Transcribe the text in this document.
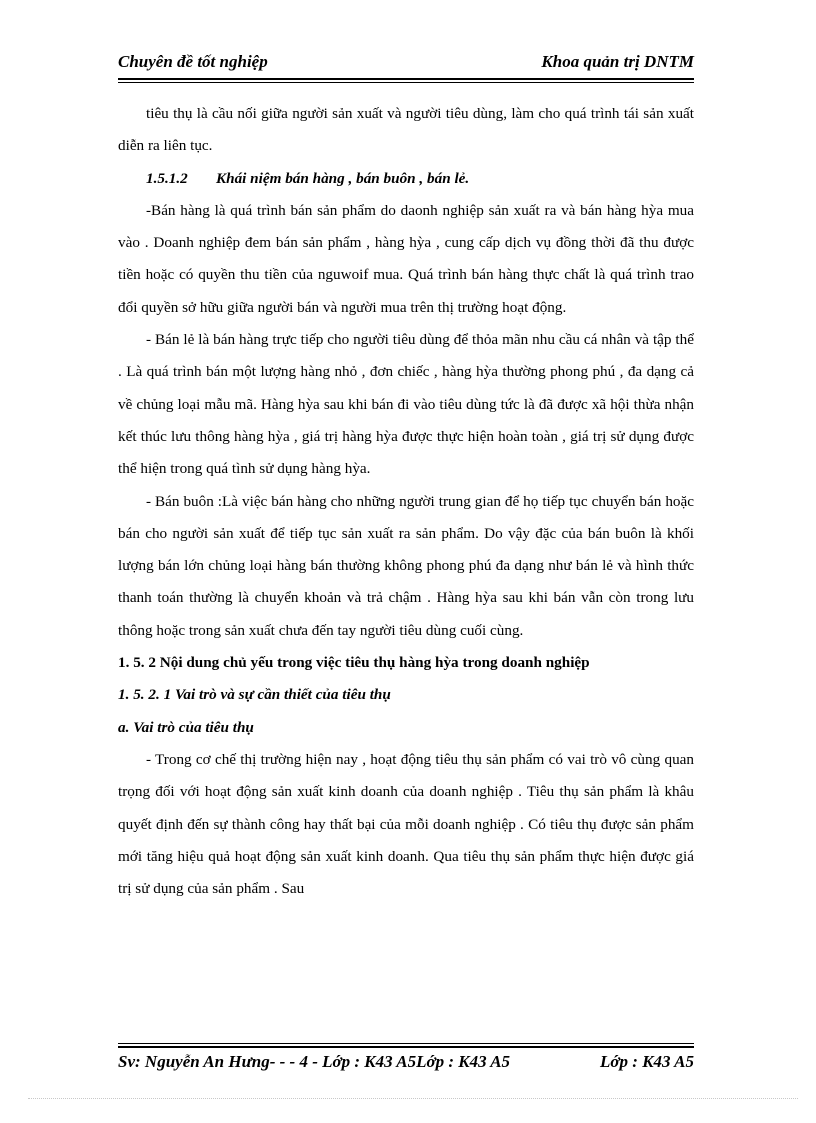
Chuyên đề tốt nghiệp	Khoa quản trị DNTM

tiêu thụ là cầu nối giữa người sản xuất và người tiêu dùng, làm cho quá trình tái sản xuất diễn ra liên tục.

1.5.1.2 Khái niệm bán hàng , bán buôn , bán lẻ.

-Bán hàng là quá trình bán sản phẩm do daonh nghiệp sản xuất ra và bán hàng hỳa mua vào . Doanh nghiệp đem bán sản phẩm , hàng hỳa , cung cấp dịch vụ đồng thời đã thu được tiền hoặc có quyền thu tiền của nguwoif mua. Quá trình bán hàng thực chất là quá trình trao đổi quyền sở hữu giữa người bán và người mua trên thị trường hoạt động.

- Bán lẻ là bán hàng trực tiếp cho người tiêu dùng để thỏa mãn nhu cầu cá nhân và tập thể . Là quá trình bán một lượng hàng nhỏ , đơn chiếc , hàng hỳa thường phong phú , đa dạng cả về chủng loại mẫu mã. Hàng hỳa sau khi bán đi vào tiêu dùng tức là đã được xã hội thừa nhận kết thúc lưu thông hàng hỳa , giá trị hàng hỳa được thực hiện hoàn toàn , giá trị sử dụng được thể hiện trong quá tình sử dụng hàng hỳa.

- Bán buôn :Là việc bán hàng cho những người trung gian để họ tiếp tục chuyển bán hoặc bán cho người sản xuất để tiếp tục sản xuất ra sản phẩm. Do vậy đặc của bán buôn là khối lượng bán lớn chủng loại hàng bán thường không phong phú đa dạng như bán lẻ và hình thức thanh toán thường là chuyển khoản và trả chậm . Hàng hỳa sau khi bán vẫn còn trong lưu thông hoặc trong sản xuất chưa đến tay người tiêu dùng cuối cùng.

1. 5. 2 Nội dung chủ yếu trong việc tiêu thụ hàng hỳa trong doanh nghiệp

1. 5. 2. 1 Vai trò và sự cần thiết của tiêu thụ

a. Vai trò của tiêu thụ

- Trong cơ chế thị trường hiện nay , hoạt động tiêu thụ sản phẩm có vai trò vô cùng quan trọng đối với hoạt động sản xuất kinh doanh của doanh nghiệp . Tiêu thụ sản phẩm là khâu quyết định đến sự thành công hay thất bại của mỗi doanh nghiệp . Có tiêu thụ được sản phẩm mới tăng hiệu quả hoạt động sản xuất kinh doanh. Qua tiêu thụ sản phẩm thực hiện được giá trị sử dụng của sản phẩm . Sau

Sv: Nguyễn An Hưng- - - 4 - Lớp : K43 A5Lớp : K43 A5	Lớp : K43 A5
